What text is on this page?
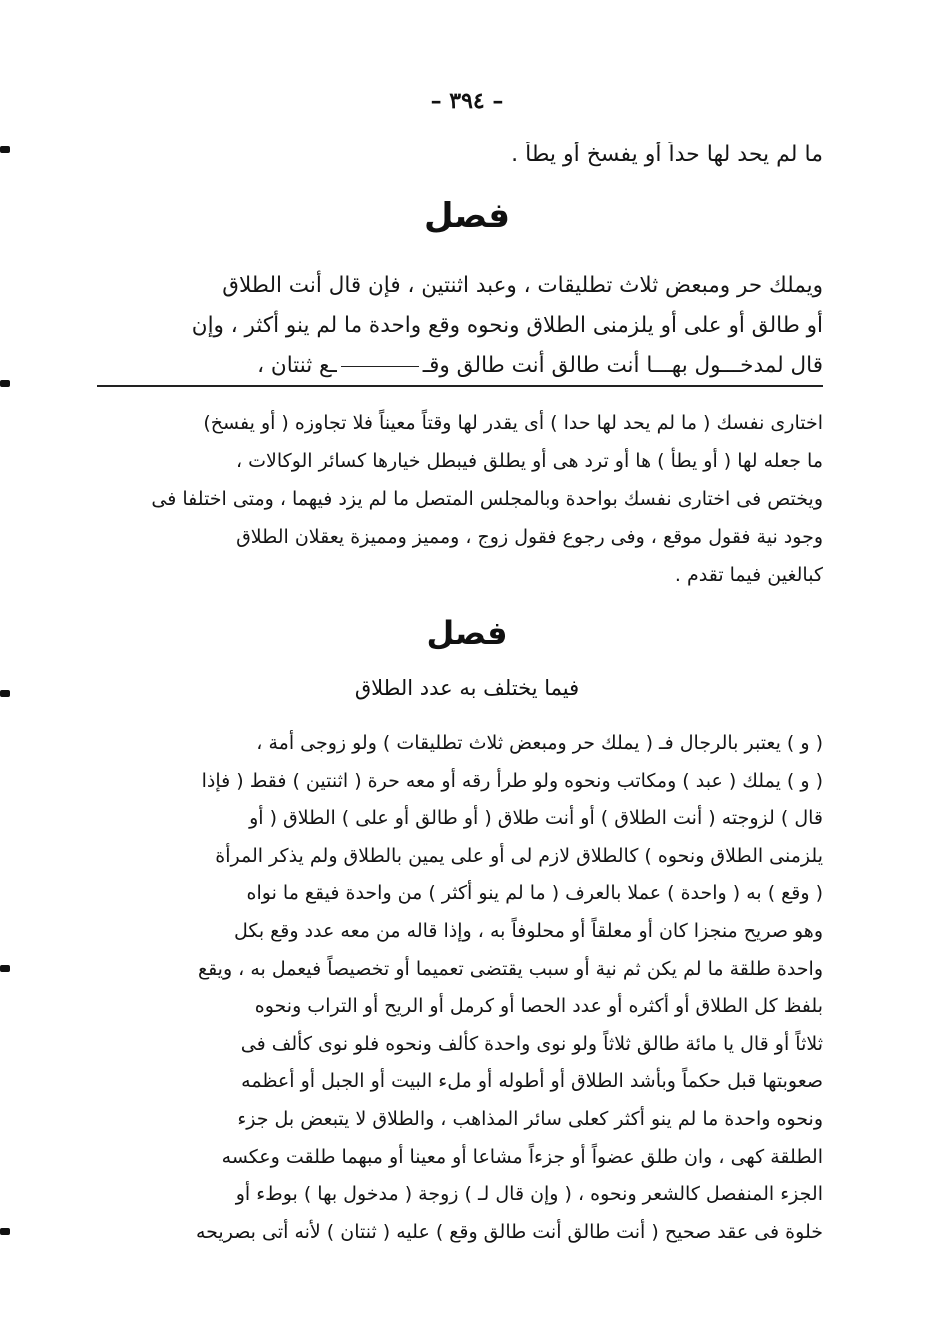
– ٣٩٤ –
ما لم يحد لها حداً أو يفسخ أو يطأ .
فصل
ويملك حر ومبعض ثلاث تطليقات ، وعبد اثنتين ، فإن قال أنت الطلاق
أو طالق أو على أو يلزمنى الطلاق ونحوه وقع واحدة ما لم ينو أكثر ، وإن
قال لمدخـــول بهـــا أنت طالق أنت طالق وقــع ثنتان ،
اختارى نفسك ( ما لم يحد لها حدا ) أى يقدر لها وقتاً معيناً فلا تجاوزه ( أو يفسخ)
ما جعله لها ( أو يطأ ) ها أو ترد هى أو يطلق فيبطل خيارها كسائر الوكالات ،
ويختص فى اختارى نفسك بواحدة وبالمجلس المتصل ما لم يزد فيهما ، ومتى اختلفا فى
وجود نية فقول موقع ، وفى رجوع فقول زوج ، ومميز ومميزة يعقلان الطلاق
كبالغين فيما تقدم .
فصل
فيما يختلف به عدد الطلاق
( و ) يعتبر بالرجال فـ ( يملك حر ومبعض ثلاث تطليقات ) ولو زوجى أمة ،
( و ) يملك ( عبد ) ومكاتب ونحوه ولو طرأ رقه أو معه حرة ( اثنتين ) فقط ( فإذا
قال ) لزوجته ( أنت الطلاق ) أو أنت طلاق ( أو طالق أو على ) الطلاق ( أو
يلزمنى الطلاق ونحوه ) كالطلاق لازم لى أو على يمين بالطلاق ولم يذكر المرأة
( وقع ) به ( واحدة ) عملا بالعرف ( ما لم ينو أكثر ) من واحدة فيقع ما نواه
وهو صريح منجزا كان أو معلقاً أو محلوفاً به ، وإذا قاله من معه عدد وقع بكل
واحدة طلقة ما لم يكن ثم نية أو سبب يقتضى تعميما أو تخصيصاً فيعمل به ، ويقع
بلفظ كل الطلاق أو أكثره أو عدد الحصا أو كرمل أو الريح أو التراب ونحوه
ثلاثاً أو قال يا مائة طالق ثلاثاً ولو نوى واحدة كألف ونحوه فلو نوى كألف فى
صعوبتها قبل حكماً وبأشد الطلاق أو أطوله أو ملء البيت أو الجبل أو أعظمه
ونحوه واحدة ما لم ينو أكثر كعلى سائر المذاهب ، والطلاق لا يتبعض بل جزء
الطلقة كهى ، وان طلق عضواً أو جزءاً مشاعا أو معينا أو مبهما طلقت وعكسه
الجزء المنفصل كالشعر ونحوه ، ( وإن قال لـ ) زوجة ( مدخول بها ) بوطء أو
خلوة فى عقد صحيح ( أنت طالق أنت طالق وقع ) عليه ( ثنتان ) لأنه أتى بصريحه
